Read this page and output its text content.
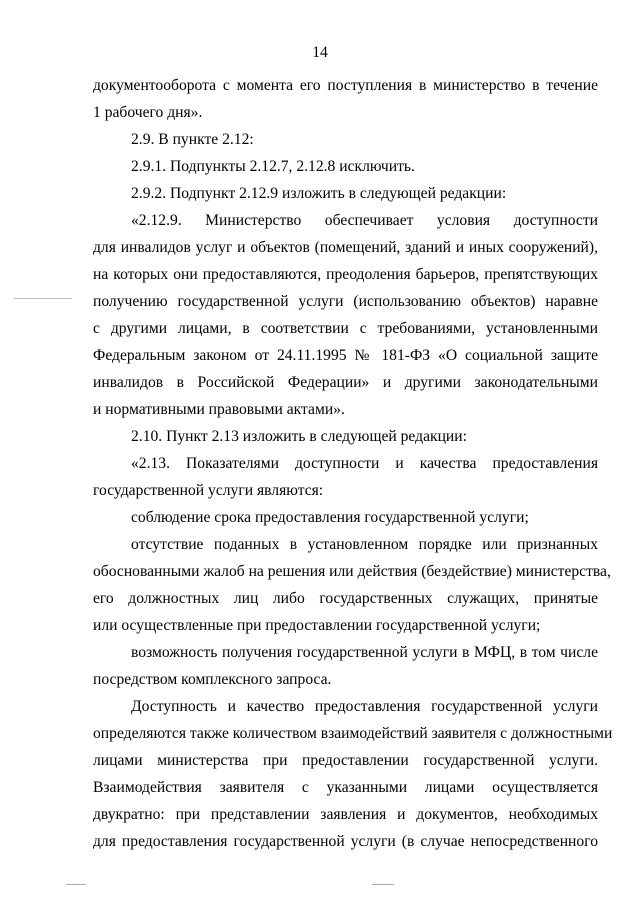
14
документооборота с момента его поступления в министерство в течение
1 рабочего дня».
2.9. В пункте 2.12:
2.9.1. Подпункты 2.12.7, 2.12.8 исключить.
2.9.2. Подпункт 2.12.9 изложить в следующей редакции:
«2.12.9. Министерство обеспечивает условия доступности
для инвалидов услуг и объектов (помещений, зданий и иных сооружений),
на которых они предоставляются, преодоления барьеров, препятствующих
получению государственной услуги (использованию объектов) наравне
с другими лицами, в соответствии с требованиями, установленными
Федеральным законом от 24.11.1995 № 181-ФЗ «О социальной защите
инвалидов в Российской Федерации» и другими законодательными
и нормативными правовыми актами».
2.10. Пункт 2.13 изложить в следующей редакции:
«2.13. Показателями доступности и качества предоставления
государственной услуги являются:
соблюдение срока предоставления государственной услуги;
отсутствие поданных в установленном порядке или признанных
обоснованными жалоб на решения или действия (бездействие) министерства,
его должностных лиц либо государственных служащих, принятые
или осуществленные при предоставлении государственной услуги;
возможность получения государственной услуги в МФЦ, в том числе
посредством комплексного запроса.
Доступность и качество предоставления государственной услуги
определяются также количеством взаимодействий заявителя с должностными
лицами министерства при предоставлении государственной услуги.
Взаимодействия заявителя с указанными лицами осуществляется
двукратно: при представлении заявления и документов, необходимых
для предоставления государственной услуги (в случае непосредственного
